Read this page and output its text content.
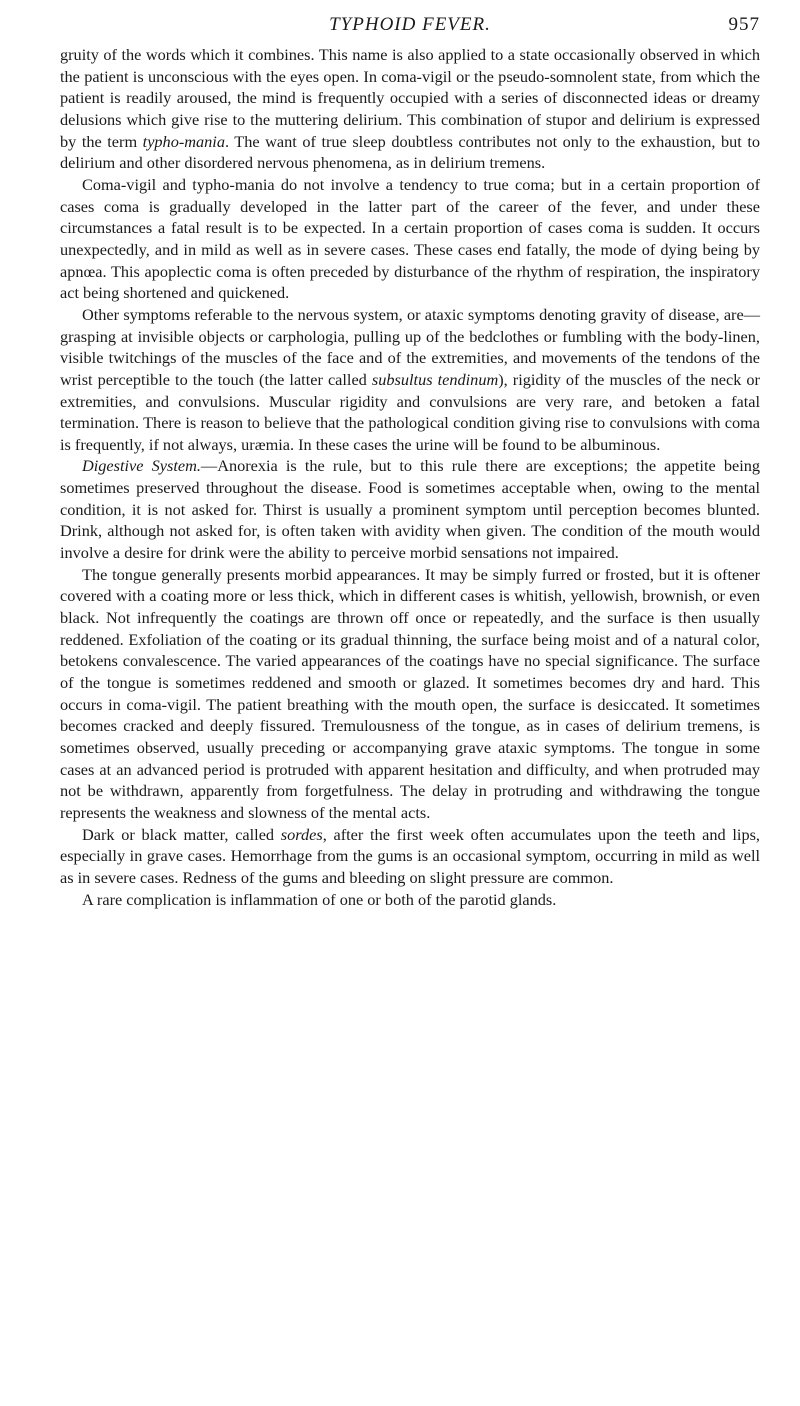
TYPHOID FEVER.	957

gruity of the words which it combines. This name is also applied to a state occasionally observed in which the patient is unconscious with the eyes open. In coma-vigil or the pseudo-somnolent state, from which the patient is readily aroused, the mind is frequently occupied with a series of disconnected ideas or dreamy delusions which give rise to the muttering delirium. This combination of stupor and delirium is expressed by the term typho-mania. The want of true sleep doubtless contributes not only to the exhaustion, but to delirium and other disordered nervous phenomena, as in delirium tremens.

Coma-vigil and typho-mania do not involve a tendency to true coma; but in a certain proportion of cases coma is gradually developed in the latter part of the career of the fever, and under these circumstances a fatal result is to be expected. In a certain proportion of cases coma is sudden. It occurs unexpectedly, and in mild as well as in severe cases. These cases end fatally, the mode of dying being by apnœa. This apoplectic coma is often preceded by disturbance of the rhythm of respiration, the inspiratory act being shortened and quickened.

Other symptoms referable to the nervous system, or ataxic symptoms denoting gravity of disease, are—grasping at invisible objects or carphologia, pulling up of the bedclothes or fumbling with the body-linen, visible twitchings of the muscles of the face and of the extremities, and movements of the tendons of the wrist perceptible to the touch (the latter called subsultus tendinum), rigidity of the muscles of the neck or extremities, and convulsions. Muscular rigidity and convulsions are very rare, and betoken a fatal termination. There is reason to believe that the pathological condition giving rise to convulsions with coma is frequently, if not always, uræmia. In these cases the urine will be found to be albuminous.

Digestive System.—Anorexia is the rule, but to this rule there are exceptions; the appetite being sometimes preserved throughout the disease. Food is sometimes acceptable when, owing to the mental condition, it is not asked for. Thirst is usually a prominent symptom until perception becomes blunted. Drink, although not asked for, is often taken with avidity when given. The condition of the mouth would involve a desire for drink were the ability to perceive morbid sensations not impaired.

The tongue generally presents morbid appearances. It may be simply furred or frosted, but it is oftener covered with a coating more or less thick, which in different cases is whitish, yellowish, brownish, or even black. Not infrequently the coatings are thrown off once or repeatedly, and the surface is then usually reddened. Exfoliation of the coating or its gradual thinning, the surface being moist and of a natural color, betokens convalescence. The varied appearances of the coatings have no special significance. The surface of the tongue is sometimes reddened and smooth or glazed. It sometimes becomes dry and hard. This occurs in coma-vigil. The patient breathing with the mouth open, the surface is desiccated. It sometimes becomes cracked and deeply fissured. Tremulousness of the tongue, as in cases of delirium tremens, is sometimes observed, usually preceding or accompanying grave ataxic symptoms. The tongue in some cases at an advanced period is protruded with apparent hesitation and difficulty, and when protruded may not be withdrawn, apparently from forgetfulness. The delay in protruding and withdrawing the tongue represents the weakness and slowness of the mental acts.

Dark or black matter, called sordes, after the first week often accumulates upon the teeth and lips, especially in grave cases. Hemorrhage from the gums is an occasional symptom, occurring in mild as well as in severe cases. Redness of the gums and bleeding on slight pressure are common.

A rare complication is inflammation of one or both of the parotid glands.
